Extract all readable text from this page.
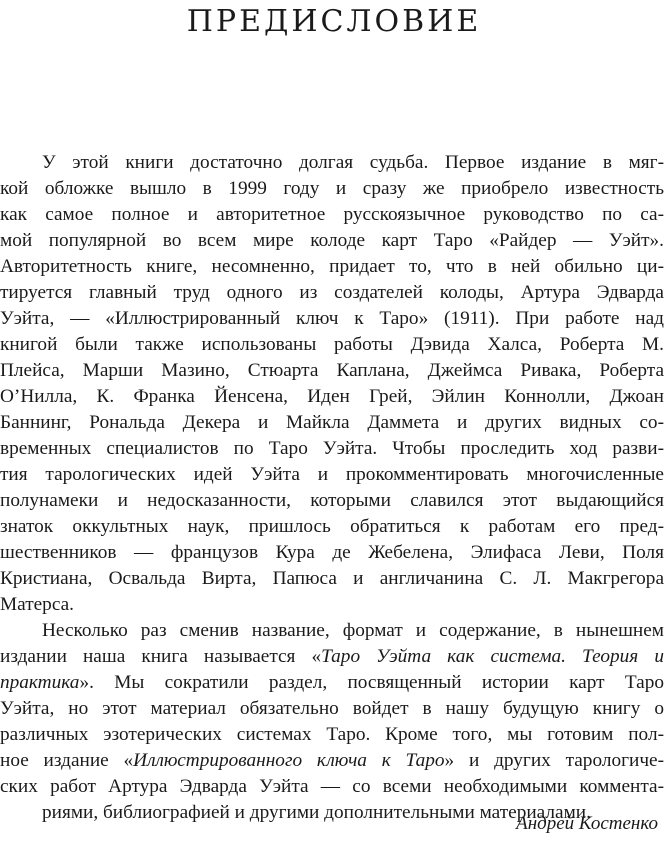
ПРЕДИСЛОВИЕ
У этой книги достаточно долгая судьба. Первое издание в мяг-
кой обложке вышло в 1999 году и сразу же приобрело известность
как самое полное и авторитетное русскоязычное руководство по са-
мой популярной во всем мире колоде карт Таро «Райдер — Уэйт».
Авторитетность книге, несомненно, придает то, что в ней обильно ци-
тируется главный труд одного из создателей колоды, Артура Эдварда
Уэйта, — «Иллюстрированный ключ к Таро» (1911). При работе над
книгой были также использованы работы Дэвида Халса, Роберта М.
Плейса, Марши Мазино, Стюарта Каплана, Джеймса Ривака, Роберта
О’Нилла, К. Франка Йенсена, Иден Грей, Эйлин Коннолли, Джоан
Баннинг, Рональда Декера и Майкла Даммета и других видных со-
временных специалистов по Таро Уэйта. Чтобы проследить ход разви-
тия тарологических идей Уэйта и прокомментировать многочисленные
полунамеки и недосказанности, которыми славился этот выдающийся
знаток оккультных наук, пришлось обратиться к работам его пред-
шественников — французов Кура де Жебелена, Элифаса Леви, Поля
Кристиана, Освальда Вирта, Папюса и англичанина С. Л. Макгрегора
Матерса.
Несколько раз сменив название, формат и содержание, в нынешнем
издании наша книга называется «Таро Уэйта как система. Теория и
практика». Мы сократили раздел, посвященный истории карт Таро
Уэйта, но этот материал обязательно войдет в нашу будущую книгу о
различных эзотерических системах Таро. Кроме того, мы готовим пол-
ное издание «Иллюстрированного ключа к Таро» и других тарологиче-
ских работ Артура Эдварда Уэйта — со всеми необходимыми коммента-
риями, библиографией и другими дополнительными материалами.
Андрей Костенко
